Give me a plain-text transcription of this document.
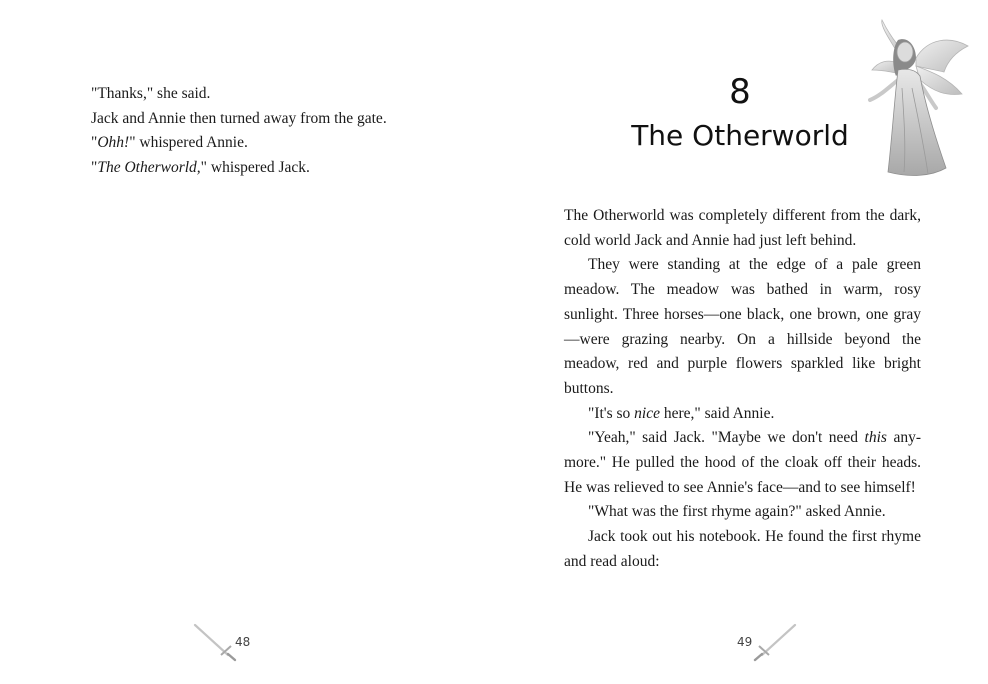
"Thanks," she said.

Jack and Annie then turned away from the gate.

"Ohh!" whispered Annie.

"The Otherworld," whispered Jack.

48
8
The Otherworld

The Otherworld was completely different from the dark, cold world Jack and Annie had just left behind.

They were standing at the edge of a pale green meadow. The meadow was bathed in warm, rosy sunlight. Three horses—one black, one brown, one gray—were grazing nearby. On a hillside beyond the meadow, red and purple flowers sparkled like bright buttons.

"It's so nice here," said Annie.

"Yeah," said Jack. "Maybe we don't need this anymore." He pulled the hood of the cloak off their heads. He was relieved to see Annie's face—and to see himself!

"What was the first rhyme again?" asked Annie.

Jack took out his notebook. He found the first rhyme and read aloud:

49
